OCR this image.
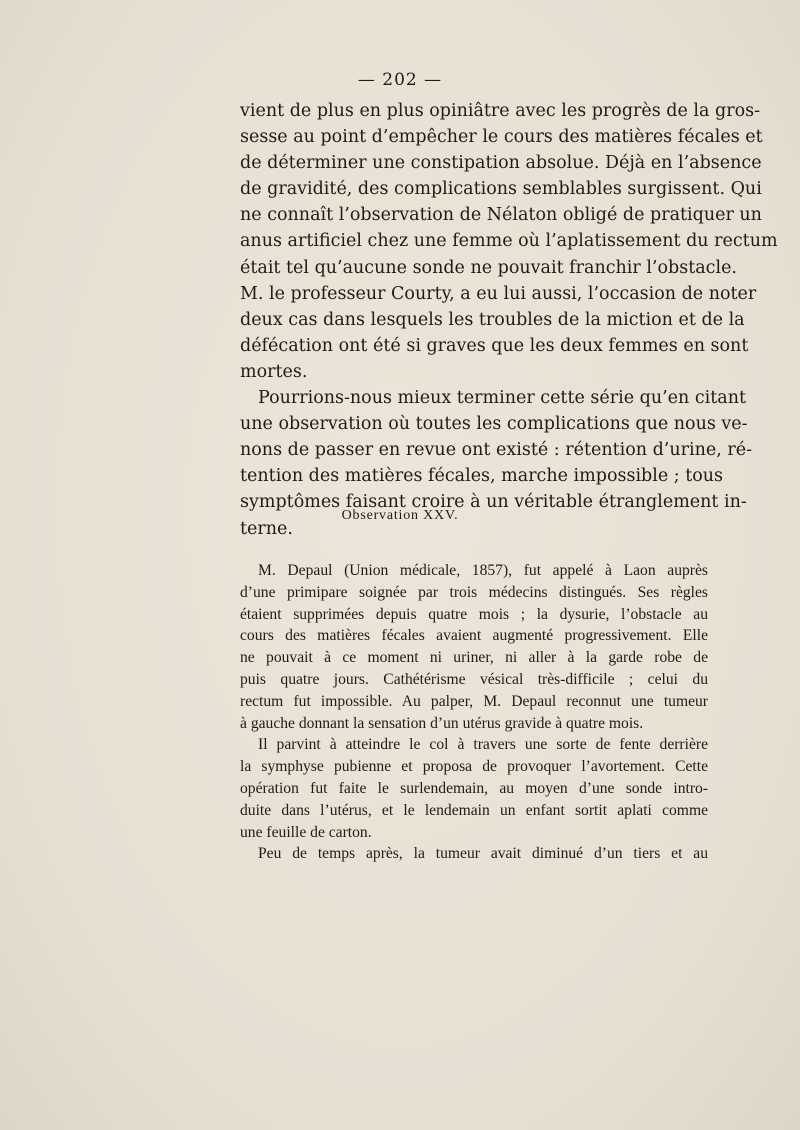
— 202 —
vient de plus en plus opiniâtre avec les progrès de la gros-
sesse au point d’empêcher le cours des matières fécales et
de déterminer une constipation absolue. Déjà en l’absence
de gravidité, des complications semblables surgissent. Qui
ne connaît l’observation de Nélaton obligé de pratiquer un
anus artificiel chez une femme où l’aplatissement du rectum
était tel qu’aucune sonde ne pouvait franchir l’obstacle.
M. le professeur Courty, a eu lui aussi, l’occasion de noter
deux cas dans lesquels les troubles de la miction et de la
défécation ont été si graves que les deux femmes en sont
mortes.
Pourrions-nous mieux terminer cette série qu’en citant
une observation où toutes les complications que nous ve-
nons de passer en revue ont existé : rétention d’urine, ré-
tention des matières fécales, marche impossible ; tous
symptômes faisant croire à un véritable étranglement in-
terne.
Observation XXV.
M. Depaul (Union médicale, 1857), fut appelé à Laon auprès
d’une primipare soignée par trois médecins distingués. Ses règles
étaient supprimées depuis quatre mois ; la dysurie, l’obstacle au
cours des matières fécales avaient augmenté progressivement. Elle
ne pouvait à ce moment ni uriner, ni aller à la garde robe de
puis quatre jours. Cathétérisme vésical très-difficile ; celui du
rectum fut impossible. Au palper, M. Depaul reconnut une tumeur
à gauche donnant la sensation d’un utérus gravide à quatre mois.
Il parvint à atteindre le col à travers une sorte de fente derrière
la symphyse pubienne et proposa de provoquer l’avortement. Cette
opération fut faite le surlendemain, au moyen d’une sonde intro-
duite dans l’utérus, et le lendemain un enfant sortit aplati comme
une feuille de carton.
Peu de temps après, la tumeur avait diminué d’un tiers et au
